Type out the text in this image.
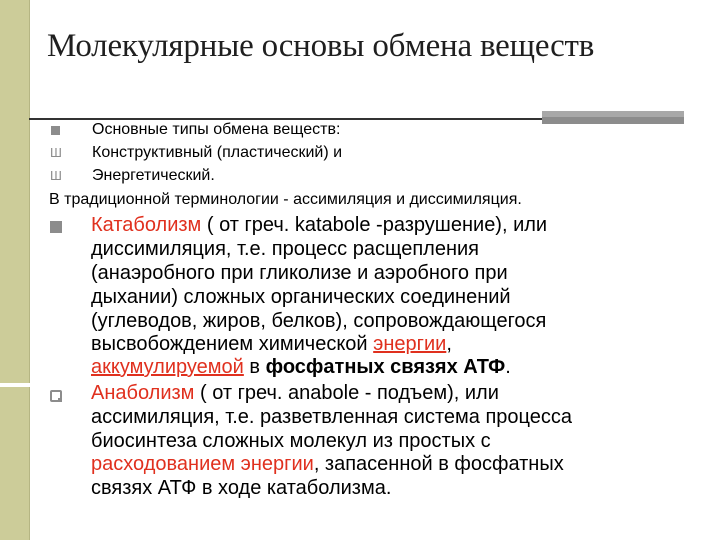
Молекулярные основы обмена веществ
Основные типы обмена веществ:
Ш Конструктивный (пластический) и
Ш Энергетический.
В традиционной терминологии - ассимиляция и диссимиляция.
Катаболизм ( от греч. katabole -разрушение), или
диссимиляция, т.е. процесс расщепления
(анаэробного при гликолизе и аэробного при
дыхании) сложных органических соединений
(углеводов, жиров, белков), сопровождающегося
высвобождением химической энергии,
аккумулируемой в фосфатных связях АТФ.
Анаболизм ( от греч. anabole - подъем), или
ассимиляция, т.е. разветвленная система процесса
биосинтеза сложных молекул из простых с
расходованием энергии, запасенной в фосфатных
связях АТФ в ходе катаболизма.
